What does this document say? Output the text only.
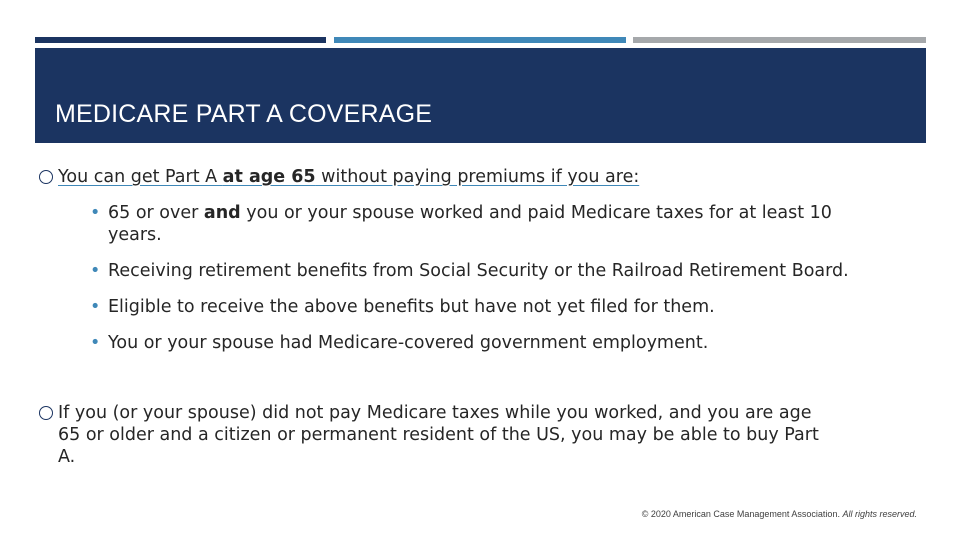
MEDICARE PART A COVERAGE
You can get Part A at age 65 without paying premiums if you are:
• 65 or over and you or your spouse worked and paid Medicare taxes for at least 10 years.
• Receiving retirement benefits from Social Security or the Railroad Retirement Board.
• Eligible to receive the above benefits but have not yet filed for them.
• You or your spouse had Medicare-covered government employment.
If you (or your spouse) did not pay Medicare taxes while you worked, and you are age 65 or older and a citizen or permanent resident of the US, you may be able to buy Part A.
© 2020 American Case Management Association. All rights reserved.
